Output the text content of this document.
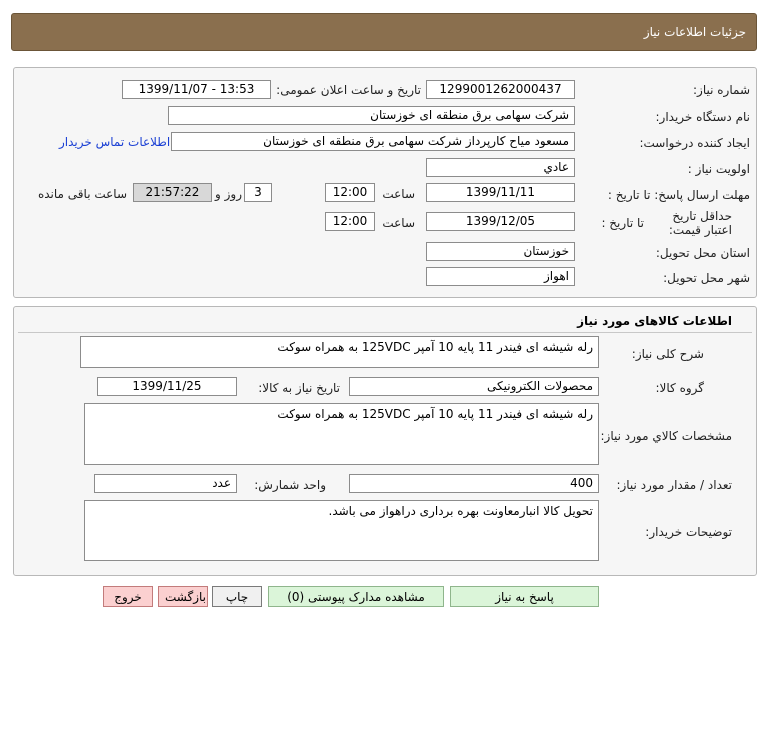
جزئیات اطلاعات نیاز
شماره نیاز:
1299001262000437
تاریخ و ساعت اعلان عمومی:
1399/11/07 - 13:53
نام دستگاه خریدار:
شرکت سهامی برق منطقه ای خوزستان
ایجاد کننده درخواست:
مسعود میاح کارپرداز شرکت سهامی برق منطقه ای خوزستان
اطلاعات تماس خریدار
اولویت نیاز :
عادي
مهلت ارسال پاسخ: تا تاریخ :
1399/11/11
ساعت
12:00
3
روز و
21:57:22
ساعت باقی مانده
حداقل تاریخ اعتبار قیمت:
تا تاریخ :
1399/12/05
ساعت
12:00
استان محل تحویل:
خوزستان
شهر محل تحویل:
اهواز
اطلاعات کالاهای مورد نیاز
شرح کلی نیاز:
رله شیشه ای فیندر 11 پایه 10 آمپر 125VDC به همراه سوکت
گروه کالا:
محصولات الکترونیکی
تاریخ نیاز به کالا:
1399/11/25
مشخصات کالاي مورد نیاز:
رله شیشه ای فیندر 11 پایه 10 آمپر 125VDC به همراه سوکت
تعداد / مقدار مورد نیاز:
400
واحد شمارش:
عدد
توضیحات خریدار:
تحویل کالا انبارمعاونت بهره برداری دراهواز می باشد.
پاسخ به نیاز
مشاهده مدارک پیوستی (0)
چاپ
بازگشت
خروج
